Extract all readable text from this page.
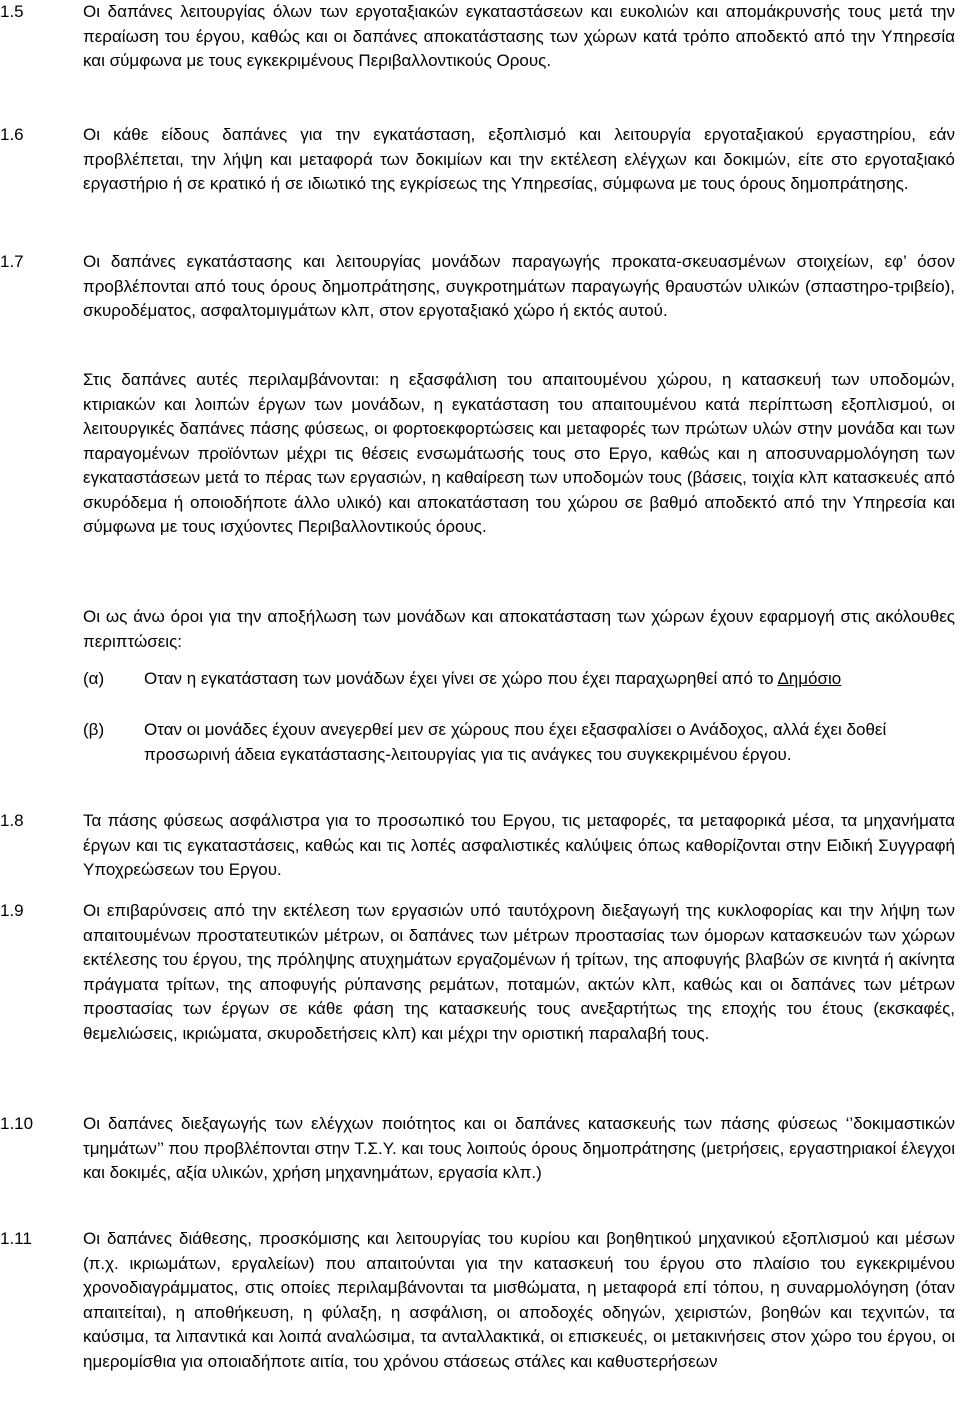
1.5	Οι δαπάνες λειτουργίας όλων των εργοταξιακών εγκαταστάσεων και ευκολιών και απομάκρυνσής τους μετά την περαίωση του έργου, καθώς και οι δαπάνες αποκατάστασης των χώρων κατά τρόπο αποδεκτό από την Υπηρεσία και σύμφωνα με τους εγκεκριμένους Περιβαλλοντικούς Ορους.
1.6	Οι κάθε είδους δαπάνες για την εγκατάσταση, εξοπλισμό και λειτουργία εργοταξιακού εργαστηρίου, εάν προβλέπεται, την λήψη και μεταφορά των δοκιμίων και την εκτέλεση ελέγχων και δοκιμών, είτε στο εργοταξιακό εργαστήριο ή σε κρατικό ή σε ιδιωτικό της εγκρίσεως της Υπηρεσίας, σύμφωνα με τους όρους δημοπράτησης.
1.7	Οι δαπάνες εγκατάστασης και λειτουργίας μονάδων παραγωγής προκατα-σκευασμένων στοιχείων, εφ’ όσον προβλέπονται από τους όρους δημοπράτησης, συγκροτημάτων παραγωγής θραυστών υλικών (σπαστηρο-τριβείο), σκυροδέματος, ασφαλτομιγμάτων κλπ, στον εργοταξιακό χώρο ή εκτός αυτού.
Στις δαπάνες αυτές περιλαμβάνονται: η εξασφάλιση του απαιτουμένου χώρου, η κατασκευή των υποδομών, κτιριακών και λοιπών έργων των μονάδων, η εγκατάσταση του απαιτουμένου κατά περίπτωση εξοπλισμού, οι λειτουργικές δαπάνες πάσης φύσεως, οι φορτοεκφορτώσεις και μεταφορές των πρώτων υλών στην μονάδα και των παραγομένων προϊόντων μέχρι τις θέσεις ενσωμάτωσής τους στο Εργο, καθώς και η αποσυναρμολόγηση των εγκαταστάσεων μετά το πέρας των εργασιών, η καθαίρεση των υποδομών τους (βάσεις, τοιχία κλπ κατασκευές από σκυρόδεμα ή οποιοδήποτε άλλο υλικό) και αποκατάσταση του χώρου σε βαθμό αποδεκτό από την Υπηρεσία και σύμφωνα με τους ισχύοντες Περιβαλλοντικούς όρους.
Οι ως άνω όροι για την αποξήλωση των μονάδων και αποκατάσταση των χώρων έχουν εφαρμογή στις ακόλουθες περιπτώσεις:
(α) Οταν η εγκατάσταση των μονάδων έχει γίνει σε χώρο που έχει παραχωρηθεί από το Δημόσιο
(β) Οταν οι μονάδες έχουν ανεγερθεί μεν σε χώρους που έχει εξασφαλίσει ο Ανάδοχος, αλλά έχει δοθεί προσωρινή άδεια εγκατάστασης-λειτουργίας για τις ανάγκες του συγκεκριμένου έργου.
1.8	Τα πάσης φύσεως ασφάλιστρα για το προσωπικό του Εργου, τις μεταφορές, τα μεταφορικά μέσα, τα μηχανήματα έργων και τις εγκαταστάσεις, καθώς και τις λοπές ασφαλιστικές καλύψεις όπως καθορίζονται στην Ειδική Συγγραφή Υποχρεώσεων του Εργου.
1.9	Οι επιβαρύνσεις από την εκτέλεση των εργασιών υπό ταυτόχρονη διεξαγωγή της κυκλοφορίας και την λήψη των απαιτουμένων προστατευτικών μέτρων, οι δαπάνες των μέτρων προστασίας των όμορων κατασκευών των χώρων εκτέλεσης του έργου, της πρόληψης ατυχημάτων εργαζομένων ή τρίτων, της αποφυγής βλαβών σε κινητά ή ακίνητα πράγματα τρίτων, της αποφυγής ρύπανσης ρεμάτων, ποταμών, ακτών κλπ, καθώς και οι δαπάνες των μέτρων προστασίας των έργων σε κάθε φάση της κατασκευής τους ανεξαρτήτως της εποχής του έτους (εκσκαφές, θεμελιώσεις, ικριώματα, σκυροδετήσεις κλπ) και μέχρι την οριστική παραλαβή τους.
1.10	Οι δαπάνες διεξαγωγής των ελέγχων ποιότητος και οι δαπάνες κατασκευής των πάσης φύσεως ‘’δοκιμαστικών τμημάτων’’ που προβλέπονται στην Τ.Σ.Υ. και τους λοιπούς όρους δημοπράτησης (μετρήσεις, εργαστηριακοί έλεγχοι και δοκιμές, αξία υλικών, χρήση μηχανημάτων, εργασία κλπ.)
1.11	Οι δαπάνες διάθεσης, προσκόμισης και λειτουργίας του κυρίου και βοηθητικού μηχανικού εξοπλισμού και μέσων (π.χ. ικριωμάτων, εργαλείων) που απαιτούνται για την κατασκευή του έργου στο πλαίσιο του εγκεκριμένου χρονοδιαγράμματος, στις οποίες περιλαμβάνονται τα μισθώματα, η μεταφορά επί τόπου, η συναρμολόγηση (όταν απαιτείται), η αποθήκευση, η φύλαξη, η ασφάλιση, οι αποδοχές οδηγών, χειριστών, βοηθών και τεχνιτών, τα καύσιμα, τα λιπαντικά και λοιπά αναλώσιμα, τα ανταλλακτικά, οι επισκευές, οι μετακινήσεις στον χώρο του έργου, οι ημερομίσθια για οποιαδήποτε αιτία, του χρόνου στάσεως στάλες και καθυστερήσεων
